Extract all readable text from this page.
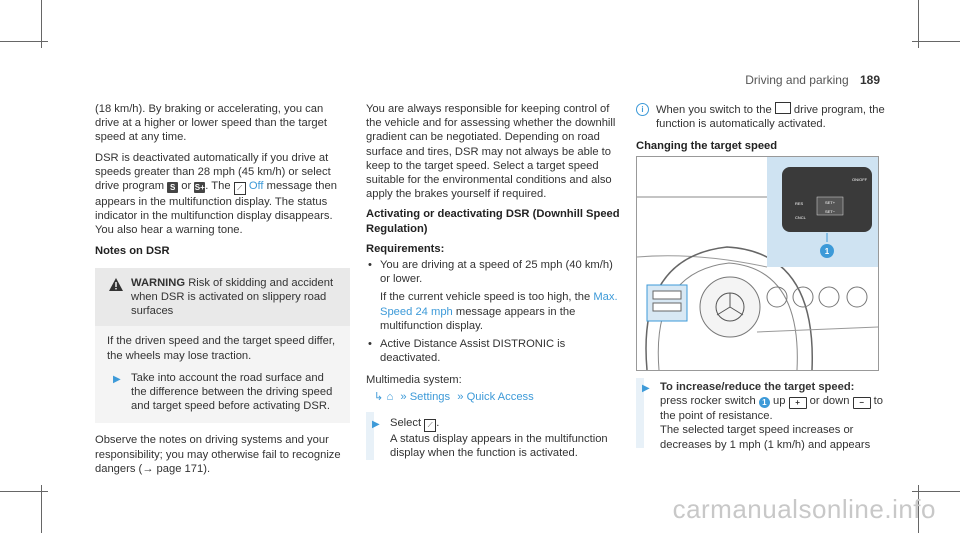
Driving and parking 189

(18 km/h). By braking or accelerating, you can drive at a higher or lower speed than the target speed at any time.

DSR is deactivated automatically if you drive at speeds greater than 28 mph (45 km/h) or select drive program S or S+. The ⟋ Off message then appears in the multifunction display. The status indicator in the multifunction display disappears. You also hear a warning tone.

Notes on DSR

WARNING Risk of skidding and accident when DSR is activated on slippery road surfaces

If the driven speed and the target speed differ, the wheels may lose traction.

▶ Take into account the road surface and the difference between the driving speed and target speed before activating DSR.

Observe the notes on driving systems and your responsibility; you may otherwise fail to recognize dangers (→ page 171).

You are always responsible for keeping control of the vehicle and for assessing whether the downhill gradient can be negotiated. Depending on road surface and tires, DSR may not always be able to keep to the target speed. Select a target speed suitable for the environmental conditions and also apply the brakes yourself if required.

Activating or deactivating DSR (Downhill Speed Regulation)

Requirements:

• You are driving at a speed of 25 mph (40 km/h) or lower.
If the current vehicle speed is too high, the Max. Speed 24 mph message appears in the multifunction display.
• Active Distance Assist DISTRONIC is deactivated.

Multimedia system:

↳ ⌂ » Settings » Quick Access
▶ Select ⟋ .
A status display appears in the multifunction display when the function is activated.
i	When you switch to the drive program, the function is automatically activated.

Changing the target speed

SET+
SET−
RES
CNCL
ON/OFF
1
▶ To increase/reduce the target speed:
press rocker switch 1 up + or down − to the point of resistance.
The selected target speed increases or decreases by 1 mph (1 km/h) and appears
carmanualsonline.info
